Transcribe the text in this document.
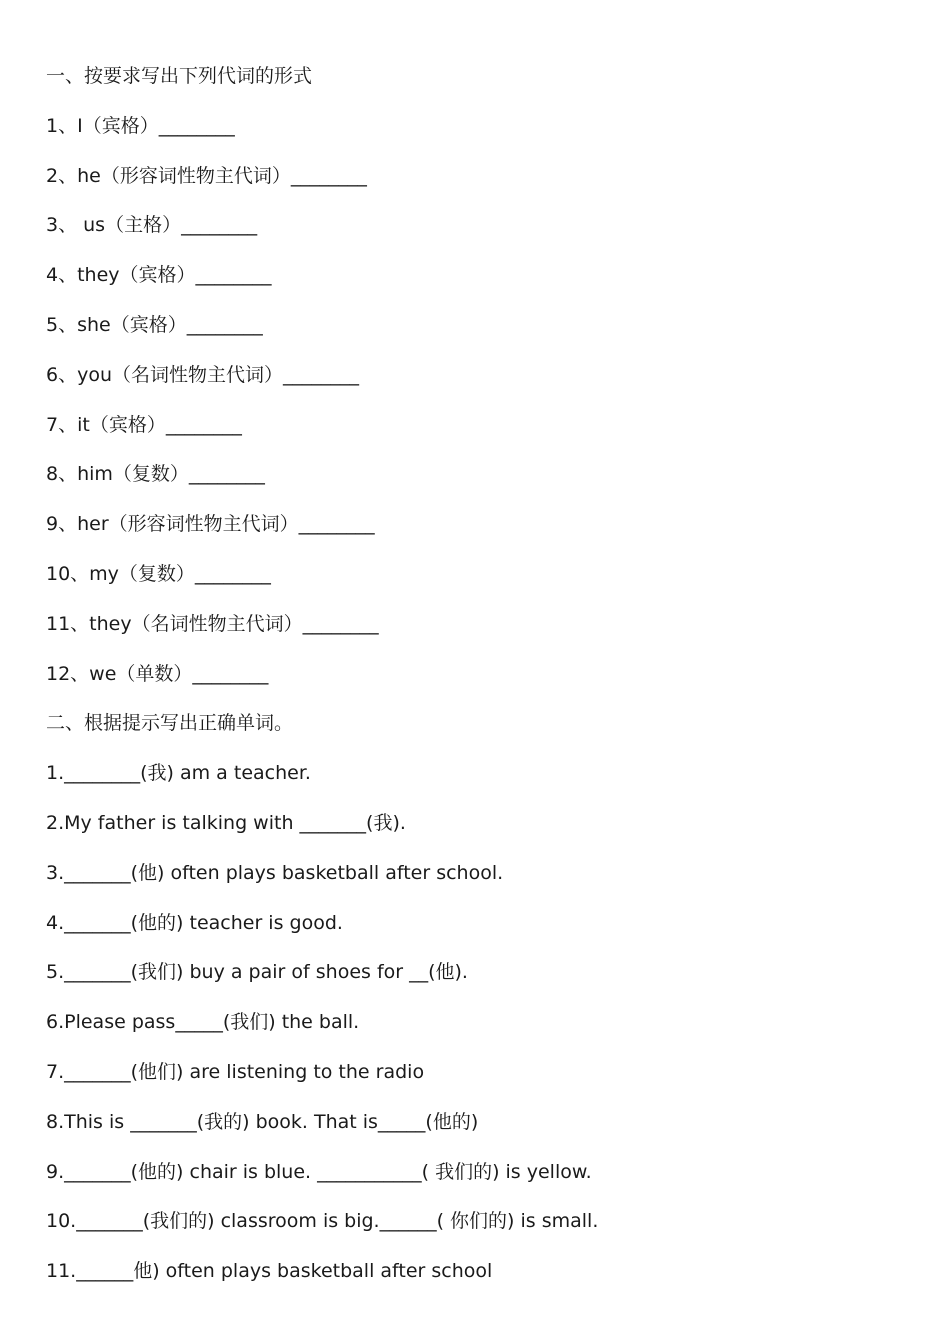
一、按要求写出下列代词的形式
1、I（宾格）________
2、he（形容词性物主代词）________
3、 us（主格）________
4、they（宾格）________
5、she（宾格）________
6、you（名词性物主代词）________
7、it（宾格）________
8、him（复数）________
9、her（形容词性物主代词）________
10、my（复数）________
11、they（名词性物主代词）________
12、we（单数）________
二、根据提示写出正确单词。
1.________(我) am a teacher.
2.My father is talking with _______(我).
3._______(他) often plays basketball after school.
4._______(他的) teacher is good.
5._______(我们) buy a pair of shoes for __(他).
6.Please pass_____(我们) the ball.
7._______(他们) are listening to the radio
8.This is _______(我的) book. That is_____(他的)
9._______(他的) chair is blue. ___________( 我们的) is yellow.
10._______(我们的) classroom is big.______( 你们的) is small.
11.______他) often plays basketball after school
